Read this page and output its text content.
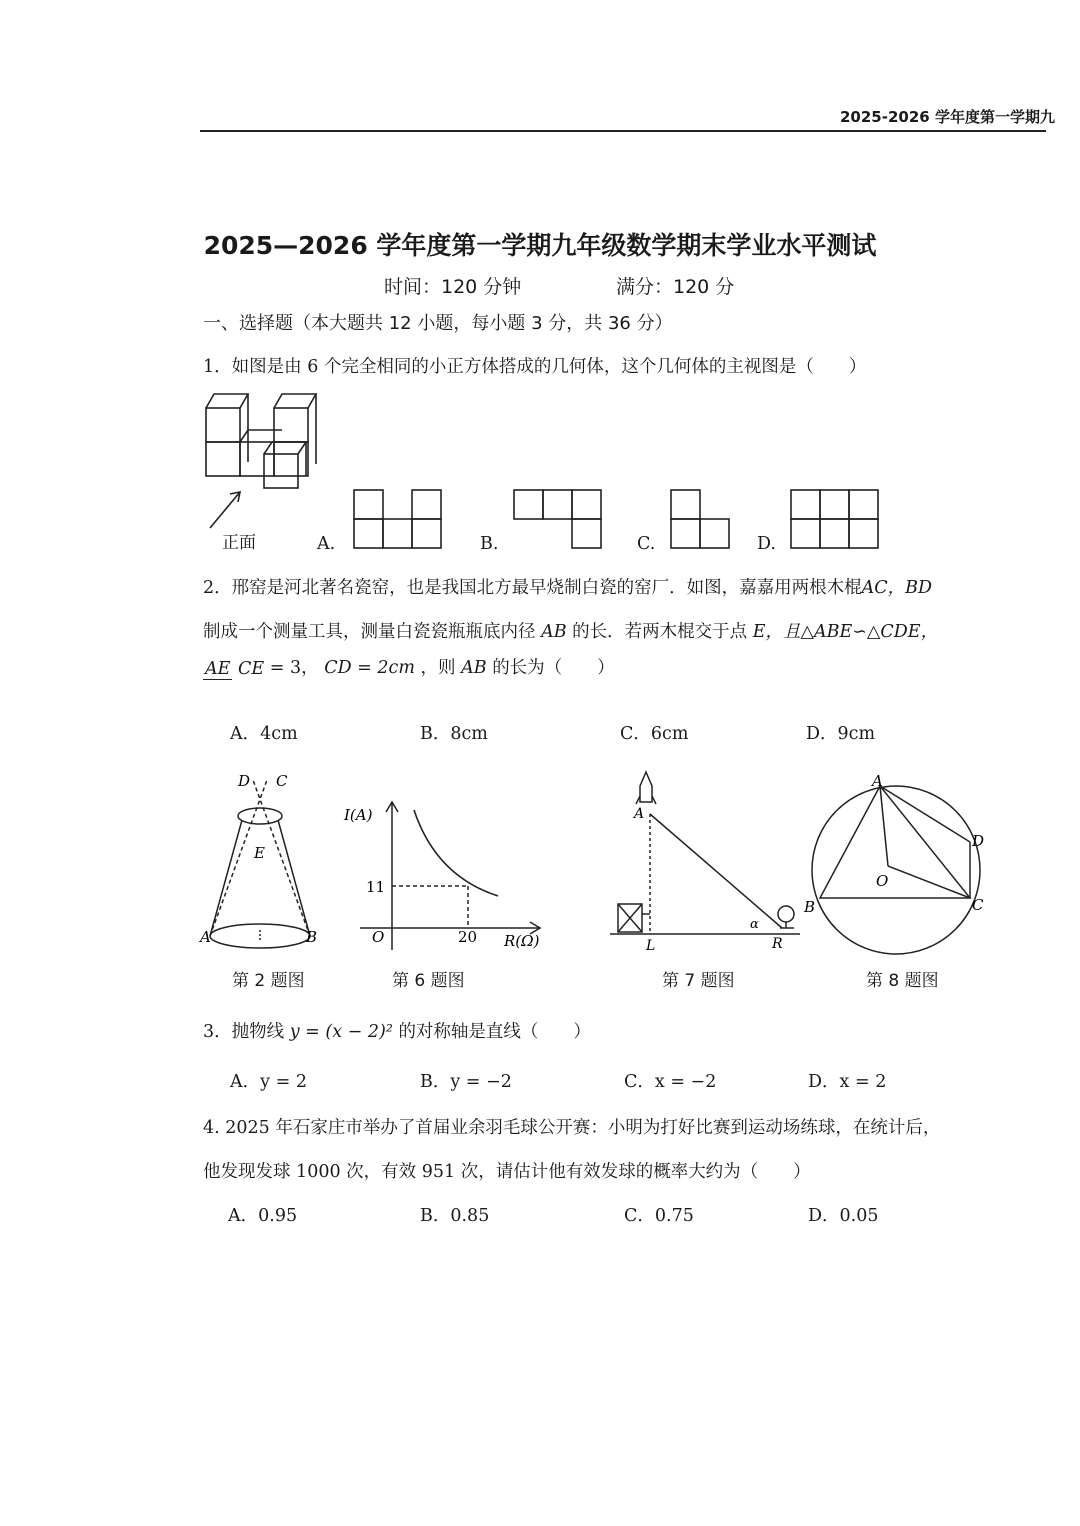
2025-2026 学年度第一学期九
2025—2026 学年度第一学期九年级数学期末学业水平测试
时间：120 分钟	满分：120 分
一、选择题（本大题共 12 小题，每小题 3 分，共 36 分）
1．如图是由 6 个完全相同的小正方体搭成的几何体，这个几何体的主视图是（　　）
正面	A.	B.	C.	D.
2．邢窑是河北著名瓷窑，也是我国北方最早烧制白瓷的窑厂．如图，嘉嘉用两根木棍AC，BD
制成一个测量工具，测量白瓷瓷瓶瓶底内径 AB 的长．若两木棍交于点 E，且△ABE∽△CDE，
AE CE = 3， CD = 2cm ，则 AB 的长为（　　）
A．4cm	B．8cm	C．6cm	D．9cm
D C
E
A	B
第 2 题图
I(A)
R(Ω)
O
11
20
第 6 题图
A
L	R
α
第 7 题图
A
D
O
B	C
第 8 题图
3．抛物线 y = (x − 2)² 的对称轴是直线（　　）
A．y = 2	B．y = −2	C．x = −2	D．x = 2
4. 2025 年石家庄市举办了首届业余羽毛球公开赛：小明为打好比赛到运动场练球，在统计后，
他发现发球 1000 次，有效 951 次，请估计他有效发球的概率大约为（　　）
A．0.95	B．0.85	C．0.75	D．0.05
